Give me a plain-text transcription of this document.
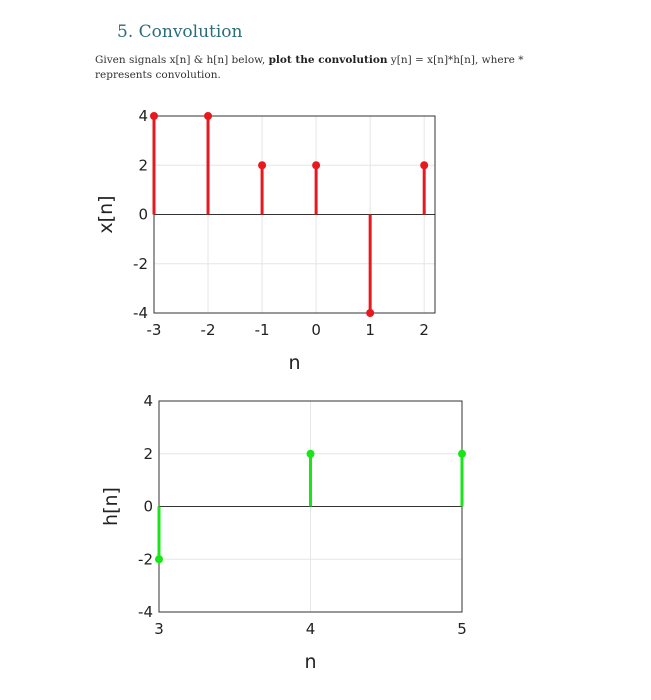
5. Convolution
Given signals x[n] & h[n] below, plot the convolution y[n] = x[n]*h[n], where * represents convolution.
-3	-2	-1	0	1	2
-4
-2
0
2
4
n
x[n]
3	4	5
-4
-2
0
2
4
n
h[n]
